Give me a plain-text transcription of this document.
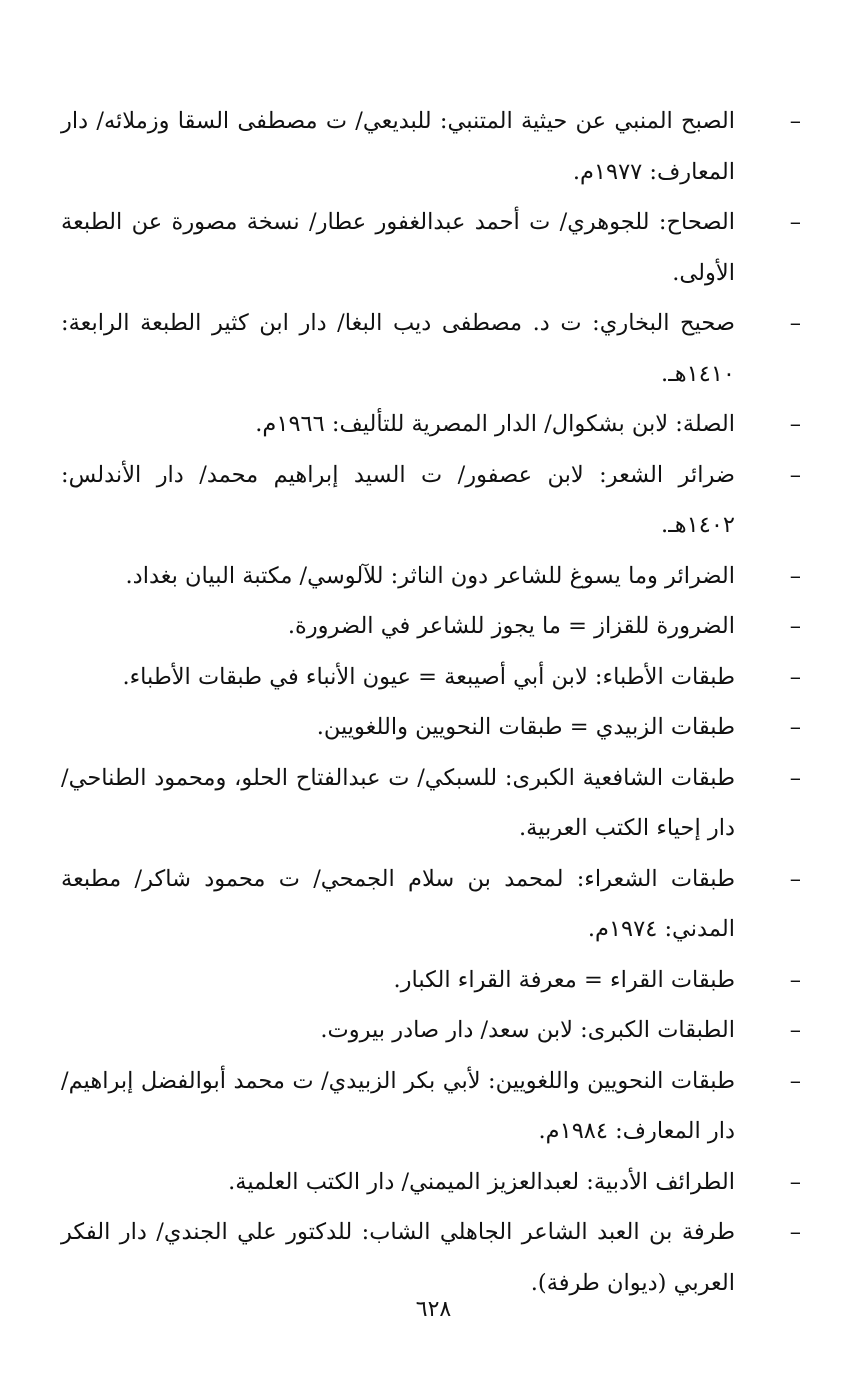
–
الصبح المنبي عن حيثية المتنبي: للبديعي/ ت مصطفى السقا وزملائه/ دار المعارف: ١٩٧٧م.
–
الصحاح: للجوهري/ ت أحمد عبدالغفور عطار/ نسخة مصورة عن الطبعة الأولى.
–
صحيح البخاري: ت د. مصطفى ديب البغا/ دار ابن كثير الطبعة الرابعة: ١٤١٠هـ.
–
الصلة: لابن بشكوال/ الدار المصرية للتأليف: ١٩٦٦م.
–
ضرائر الشعر: لابن عصفور/ ت السيد إبراهيم محمد/ دار الأندلس: ١٤٠٢هـ.
–
الضرائر وما يسوغ للشاعر دون الناثر: للآلوسي/ مكتبة البيان بغداد.
–
الضرورة للقزاز = ما يجوز للشاعر في الضرورة.
–
طبقات الأطباء: لابن أبي أصيبعة = عيون الأنباء في طبقات الأطباء.
–
طبقات الزبيدي = طبقات النحويين واللغويين.
–
طبقات الشافعية الكبرى: للسبكي/ ت عبدالفتاح الحلو، ومحمود الطناحي/ دار إحياء الكتب العربية.
–
طبقات الشعراء: لمحمد بن سلام الجمحي/ ت محمود شاكر/ مطبعة المدني: ١٩٧٤م.
–
طبقات القراء = معرفة القراء الكبار.
–
الطبقات الكبرى: لابن سعد/ دار صادر بيروت.
–
طبقات النحويين واللغويين: لأبي بكر الزبيدي/ ت محمد أبوالفضل إبراهيم/ دار المعارف: ١٩٨٤م.
–
الطرائف الأدبية: لعبدالعزيز الميمني/ دار الكتب العلمية.
–
طرفة بن العبد الشاعر الجاهلي الشاب: للدكتور علي الجندي/ دار الفكر العربي (ديوان طرفة).
٦٢٨
